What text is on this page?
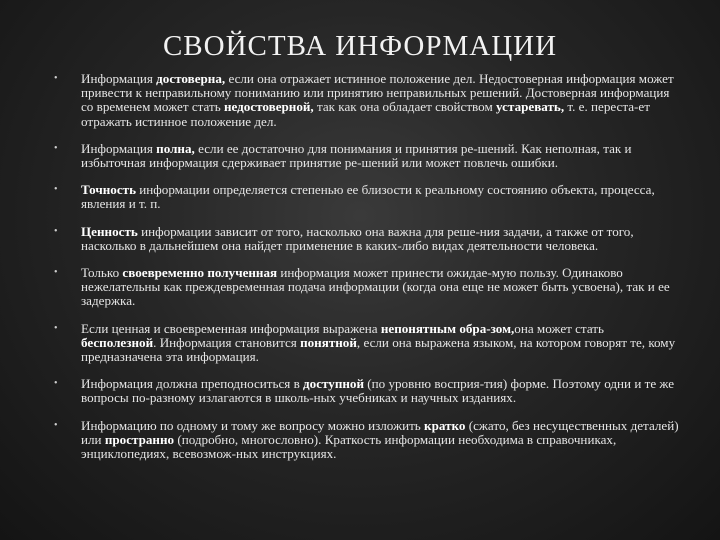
СВОЙСТВА ИНФОРМАЦИИ
• Информация достоверна, если она отражает истинное положение дел. Недостоверная информация может привести к неправильному пониманию или принятию неправильных решений. Достоверная информация со временем может стать недостоверной, так как она обладает свойством устаревать, т. е. переста-ет отражать истинное положение дел.
• Информация полна, если ее достаточно для понимания и принятия ре-шений. Как неполная, так и избыточная информация сдерживает принятие ре-шений или может повлечь ошибки.
• Точность информации определяется степенью ее близости к реальному состоянию объекта, процесса, явления и т. п.
• Ценность информации зависит от того, насколько она важна для реше-ния задачи, а также от того, насколько в дальнейшем она найдет применение в каких-либо видах деятельности человека.
• Только своевременно полученная информация может принести ожидае-мую пользу. Одинаково нежелательны как преждевременная подача информации (когда она еще не может быть усвоена), так и ее задержка.
• Если ценная и своевременная информация выражена непонятным обра-зом,она может стать бесполезной. Информация становится понятной, если она выражена языком, на котором говорят те, кому предназначена эта информация.
• Информация должна преподноситься в доступной (по уровню восприя-тия) форме. Поэтому одни и те же вопросы по-разному излагаются в школь-ных учебниках и научных изданиях.
• Информацию по одному и тому же вопросу можно изложить кратко (сжато, без несущественных деталей) или пространно (подробно, многословно). Краткость информации необходима в справочниках, энциклопедиях, всевозмож-ных инструкциях.
